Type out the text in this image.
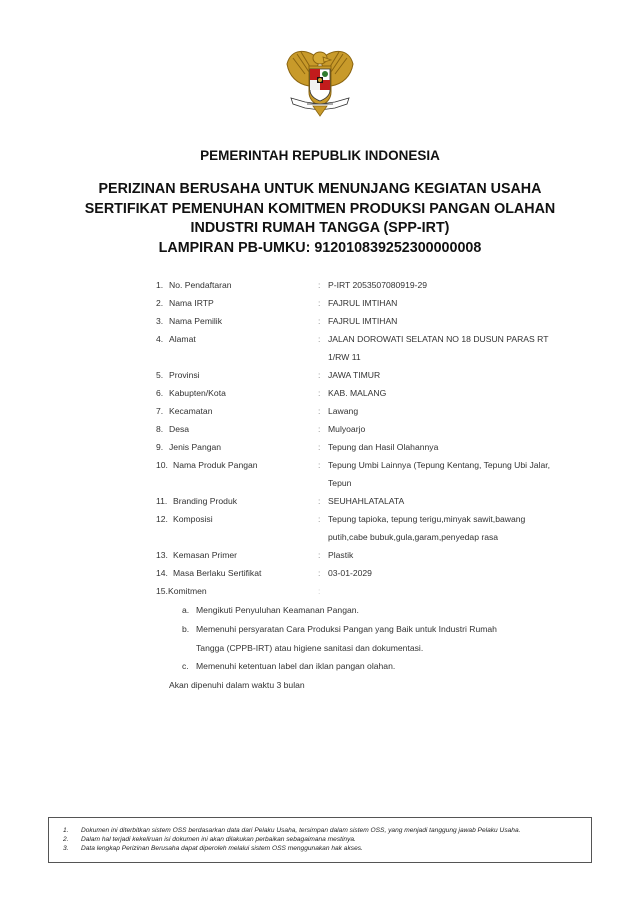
PEMERINTAH REPUBLIK INDONESIA
PERIZINAN BERUSAHA UNTUK MENUNJANG KEGIATAN USAHA
SERTIFIKAT PEMENUHAN KOMITMEN PRODUKSI PANGAN OLAHAN
INDUSTRI RUMAH TANGGA (SPP-IRT)
LAMPIRAN PB-UMKU: 912010839252300000008
1. No. Pendaftaran	: P-IRT 2053507080919-29
2. Nama IRTP	: FAJRUL IMTIHAN
3. Nama Pemilik	: FAJRUL IMTIHAN
4. Alamat	: JALAN DOROWATI SELATAN NO 18 DUSUN PARAS RT
1/RW 11
5. Provinsi	: JAWA TIMUR
6. Kabupten/Kota	: KAB. MALANG
7. Kecamatan	: Lawang
8. Desa	: Mulyoarjo
9. Jenis Pangan	: Tepung dan Hasil Olahannya
10. Nama Produk Pangan	: Tepung Umbi Lainnya (Tepung Kentang, Tepung Ubi Jalar,
Tepun
11. Branding Produk	: SEUHAHLATALATA
12. Komposisi	: Tepung tapioka, tepung terigu,minyak sawit,bawang
putih,cabe bubuk,gula,garam,penyedap rasa
13. Kemasan Primer	: Plastik
14. Masa Berlaku Sertifikat	: 03-01-2029
15. Komitmen	:
a. Mengikuti Penyuluhan Keamanan Pangan.
b. Memenuhi persyaratan Cara Produksi Pangan yang Baik untuk Industri Rumah
Tangga (CPPB-IRT) atau higiene sanitasi dan dokumentasi.
c. Memenuhi ketentuan label dan iklan pangan olahan.
Akan dipenuhi dalam waktu 3 bulan
1. Dokumen ini diterbitkan sistem OSS berdasarkan data dari Pelaku Usaha, tersimpan dalam sistem OSS, yang menjadi tanggung jawab Pelaku Usaha.
2. Dalam hal terjadi kekeliruan isi dokumen ini akan dilakukan perbaikan sebagaimana mestinya.
3. Data lengkap Perizinan Berusaha dapat diperoleh melalui sistem OSS menggunakan hak akses.
